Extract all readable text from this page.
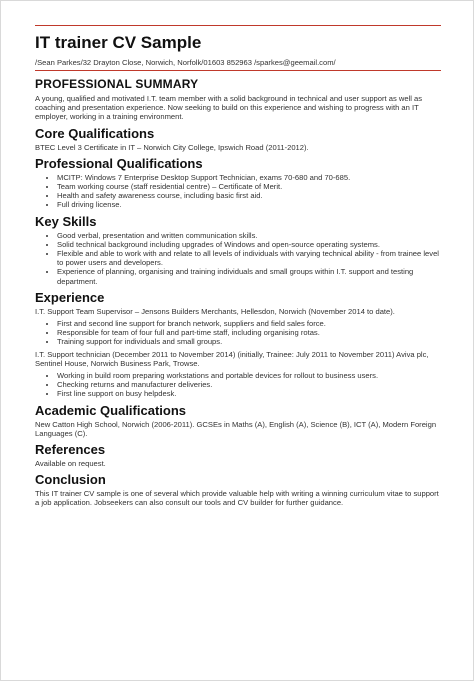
IT trainer CV Sample
/Sean Parkes/32 Drayton Close, Norwich, Norfolk/01603 852963 /sparkes@geemail.com/
PROFESSIONAL SUMMARY

A young, qualified and motivated I.T. team member with a solid background in technical and user support as well as coaching and presentation experience. Now seeking to build on this experience and wishing to progress with an IT employer, working in a training environment.

Core Qualifications

BTEC Level 3 Certificate in IT – Norwich City College, Ipswich Road (2011-2012).

Professional Qualifications
• MCITP: Windows 7 Enterprise Desktop Support Technician, exams 70-680 and 70-685.
• Team working course (staff residential centre) – Certificate of Merit.
• Health and safety awareness course, including basic first aid.
• Full driving license.
Key Skills
• Good verbal, presentation and written communication skills.
• Solid technical background including upgrades of Windows and open-source operating systems.
• Flexible and able to work with and relate to all levels of individuals with varying technical ability - from trainee level to power users and developers.
• Experience of planning, organising and training individuals and small groups within I.T. support and testing department.
Experience

I.T. Support Team Supervisor – Jensons Builders Merchants, Hellesdon, Norwich (November 2014 to date).

• First and second line support for branch network, suppliers and field sales force.
• Responsible for team of four full and part-time staff, including organising rotas.
• Training support for individuals and small groups.

I.T. Support technician (December 2011 to November 2014) (initially, Trainee: July 2011 to November 2011) Aviva plc, Sentinel House, Norwich Business Park, Trowse.

• Working in build room preparing workstations and portable devices for rollout to business users.
• Checking returns and manufacturer deliveries.
• First line support on busy helpdesk.
Academic Qualifications

New Catton High School, Norwich (2006-2011). GCSEs in Maths (A), English (A), Science (B), ICT (A), Modern Foreign Languages (C).

References

Available on request.

Conclusion

This IT trainer CV sample is one of several which provide valuable help with writing a winning curriculum vitae to support a job application. Jobseekers can also consult our tools and CV builder for further guidance.
